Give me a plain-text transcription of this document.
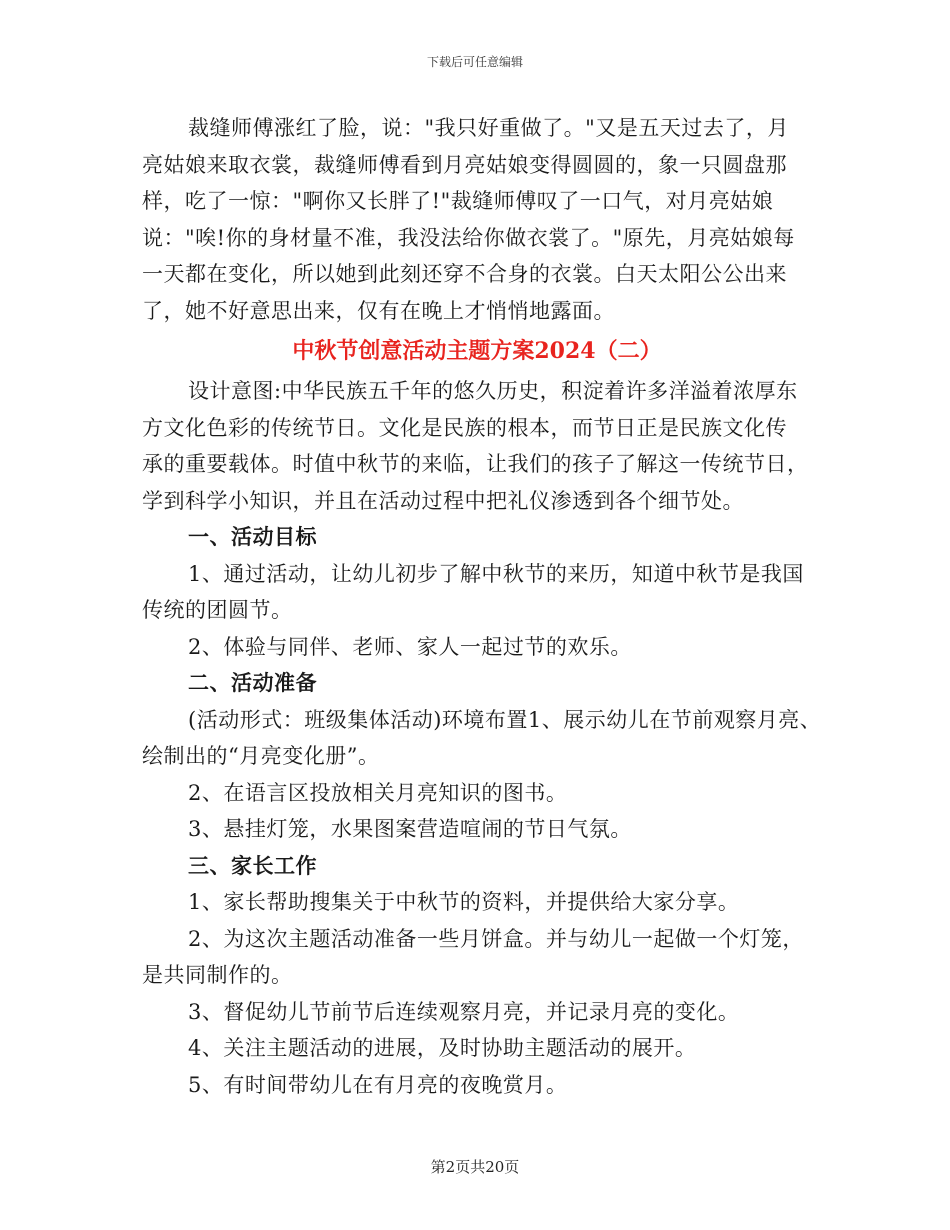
下载后可任意编辑
裁缝师傅涨红了脸，说："我只好重做了。"又是五天过去了，月
亮姑娘来取衣裳，裁缝师傅看到月亮姑娘变得圆圆的，象一只圆盘那
样，吃了一惊："啊你又长胖了!"裁缝师傅叹了一口气，对月亮姑娘
说："唉!你的身材量不准，我没法给你做衣裳了。"原先，月亮姑娘每
一天都在变化，所以她到此刻还穿不合身的衣裳。白天太阳公公出来
了，她不好意思出来，仅有在晚上才悄悄地露面。
中秋节创意活动主题方案2024（二）
设计意图:中华民族五千年的悠久历史，积淀着许多洋溢着浓厚东
方文化色彩的传统节日。文化是民族的根本，而节日正是民族文化传
承的重要载体。时值中秋节的来临，让我们的孩子了解这一传统节日，
学到科学小知识，并且在活动过程中把礼仪渗透到各个细节处。
一、活动目标
1、通过活动，让幼儿初步了解中秋节的来历，知道中秋节是我国
传统的团圆节。
2、体验与同伴、老师、家人一起过节的欢乐。
二、活动准备
(活动形式：班级集体活动)环境布置1、展示幼儿在节前观察月亮、
绘制出的“月亮变化册”。
2、在语言区投放相关月亮知识的图书。
3、悬挂灯笼，水果图案营造喧闹的节日气氛。
三、家长工作
1、家长帮助搜集关于中秋节的资料，并提供给大家分享。
2、为这次主题活动准备一些月饼盒。并与幼儿一起做一个灯笼，
是共同制作的。
3、督促幼儿节前节后连续观察月亮，并记录月亮的变化。
4、关注主题活动的进展，及时协助主题活动的展开。
5、有时间带幼儿在有月亮的夜晚赏月。
第2页共20页
